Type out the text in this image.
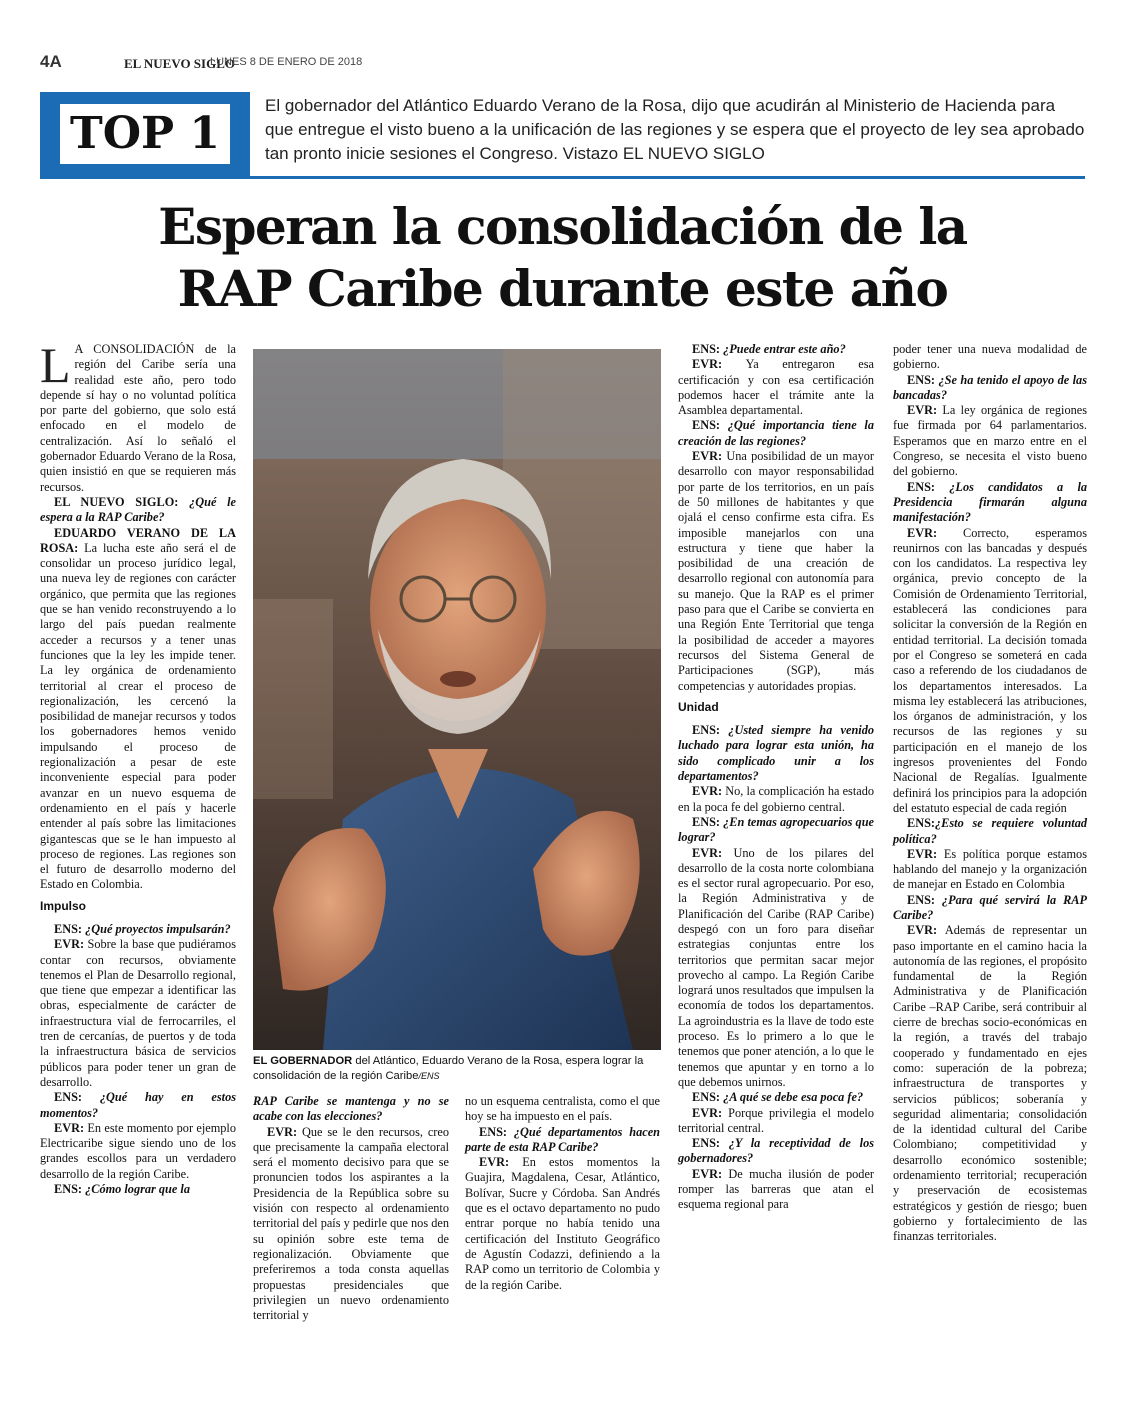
4A	EL NUEVO SIGLO
LUNES 8 DE ENERO DE 2018
TOP 1
El gobernador del Atlántico Eduardo Verano de la Rosa, dijo que acudirán al Ministerio de Hacienda para que entregue el visto bueno a la unificación de las regiones y se espera que el proyecto de ley sea aprobado tan pronto inicie sesiones el Congreso. Vistazo EL NUEVO SIGLO
Esperan la consolidación de la
RAP Caribe durante este año

L A CONSOLIDACIÓN de la región del Caribe sería una realidad este año, pero todo depende sí hay o no voluntad política por parte del gobierno, que solo está enfocado en el modelo de centralización. Así lo señaló el gobernador Eduardo Verano de la Rosa, quien insistió en que se requieren más recursos.

EL NUEVO SIGLO: ¿Qué le espera a la RAP Caribe?

EDUARDO VERANO DE LA ROSA: La lucha este año será el de consolidar un proceso jurídico legal, una nueva ley de regiones con carácter orgánico, que permita que las regiones que se han venido reconstruyendo a lo largo del país puedan realmente acceder a recursos y a tener unas funciones que la ley les impide tener. La ley orgánica de ordenamiento territorial al crear el proceso de regionalización, les cercenó la posibilidad de manejar recursos y todos los gobernadores hemos venido impulsando el proceso de regionalización a pesar de este inconveniente especial para poder avanzar en un nuevo esquema de ordenamiento en el país y hacerle entender al país sobre las limitaciones gigantescas que se le han impuesto al proceso de regiones. Las regiones son el futuro de desarrollo moderno del Estado en Colombia.

Impulso

ENS: ¿Qué proyectos impulsarán?

EVR: Sobre la base que pudiéramos contar con recursos, obviamente tenemos el Plan de Desarrollo regional, que tiene que empezar a identificar las obras, especialmente de carácter de infraestructura vial de ferrocarriles, el tren de cercanías, de puertos y de toda la infraestructura básica de servicios públicos para poder tener un gran de desarrollo.

ENS: ¿Qué hay en estos momentos?

EVR: En este momento por ejemplo Electricaribe sigue siendo uno de los grandes escollos para un verdadero desarrollo de la región Caribe.

ENS: ¿Cómo lograr que la

EL GOBERNADOR del Atlántico, Eduardo Verano de la Rosa, espera lograr la consolidación de la región Caribe/ENS

RAP Caribe se mantenga y no se acabe con las elecciones?

EVR: Que se le den recursos, creo que precisamente la campaña electoral será el momento decisivo para que se pronuncien todos los aspirantes a la Presidencia de la República sobre su visión con respecto al ordenamiento territorial del país y pedirle que nos den su opinión sobre este tema de regionalización. Obviamente que preferiremos a toda consta aquellas propuestas presidenciales que privilegien un nuevo ordenamiento territorial y

no un esquema centralista, como el que hoy se ha impuesto en el país.

ENS: ¿Qué departamentos hacen parte de esta RAP Caribe?

EVR: En estos momentos la Guajira, Magdalena, Cesar, Atlántico, Bolívar, Sucre y Córdoba. San Andrés que es el octavo departamento no pudo entrar porque no había tenido una certificación del Instituto Geográfico de Agustín Codazzi, definiendo a la RAP como un territorio de Colombia y de la región Caribe.

ENS: ¿Puede entrar este año?

EVR: Ya entregaron esa certificación y con esa certificación podemos hacer el trámite ante la Asamblea departamental.

ENS: ¿Qué importancia tiene la creación de las regiones?

EVR: Una posibilidad de un mayor desarrollo con mayor responsabilidad por parte de los territorios, en un país de 50 millones de habitantes y que ojalá el censo confirme esta cifra. Es imposible manejarlos con una estructura y tiene que haber la posibilidad de una creación de desarrollo regional con autonomía para su manejo. Que la RAP es el primer paso para que el Caribe se convierta en una Región Ente Territorial que tenga la posibilidad de acceder a mayores recursos del Sistema General de Participaciones (SGP), más competencias y autoridades propias.

Unidad

ENS: ¿Usted siempre ha venido luchado para lograr esta unión, ha sido complicado unir a los departamentos?

EVR: No, la complicación ha estado en la poca fe del gobierno central.

ENS: ¿En temas agropecuarios que lograr?

EVR: Uno de los pilares del desarrollo de la costa norte colombiana es el sector rural agropecuario. Por eso, la Región Administrativa y de Planificación del Caribe (RAP Caribe) despegó con un foro para diseñar estrategias conjuntas entre los territorios que permitan sacar mejor provecho al campo. La Región Caribe logrará unos resultados que impulsen la economía de todos los departamentos. La agroindustria es la llave de todo este proceso. Es lo primero a lo que le tenemos que poner atención, a lo que le tenemos que apuntar y en torno a lo que debemos unirnos.

ENS: ¿A qué se debe esa poca fe?

EVR: Porque privilegia el modelo territorial central.

ENS: ¿Y la receptividad de los gobernadores?

EVR: De mucha ilusión de poder romper las barreras que atan el esquema regional para

poder tener una nueva modalidad de gobierno.

ENS: ¿Se ha tenido el apoyo de las bancadas?

EVR: La ley orgánica de regiones fue firmada por 64 parlamentarios. Esperamos que en marzo entre en el Congreso, se necesita el visto bueno del gobierno.

ENS: ¿Los candidatos a la Presidencia firmarán alguna manifestación?

EVR: Correcto, esperamos reunirnos con las bancadas y después con los candidatos. La respectiva ley orgánica, previo concepto de la Comisión de Ordenamiento Territorial, establecerá las condiciones para solicitar la conversión de la Región en entidad territorial. La decisión tomada por el Congreso se someterá en cada caso a referendo de los ciudadanos de los departamentos interesados. La misma ley establecerá las atribuciones, los órganos de administración, y los recursos de las regiones y su participación en el manejo de los ingresos provenientes del Fondo Nacional de Regalías. Igualmente definirá los principios para la adopción del estatuto especial de cada región

ENS:¿Esto se requiere voluntad política?

EVR: Es política porque estamos hablando del manejo y la organización de manejar en Estado en Colombia

ENS: ¿Para qué servirá la RAP Caribe?

EVR: Además de representar un paso importante en el camino hacia la autonomía de las regiones, el propósito fundamental de la Región Administrativa y de Planificación Caribe –RAP Caribe, será contribuir al cierre de brechas socio-económicas en la región, a través del trabajo cooperado y fundamentado en ejes como: superación de la pobreza; infraestructura de transportes y servicios públicos; soberanía y seguridad alimentaria; consolidación de la identidad cultural del Caribe Colombiano; competitividad y desarrollo económico sostenible; ordenamiento territorial; recuperación y preservación de ecosistemas estratégicos y gestión de riesgo; buen gobierno y fortalecimiento de las finanzas territoriales.
